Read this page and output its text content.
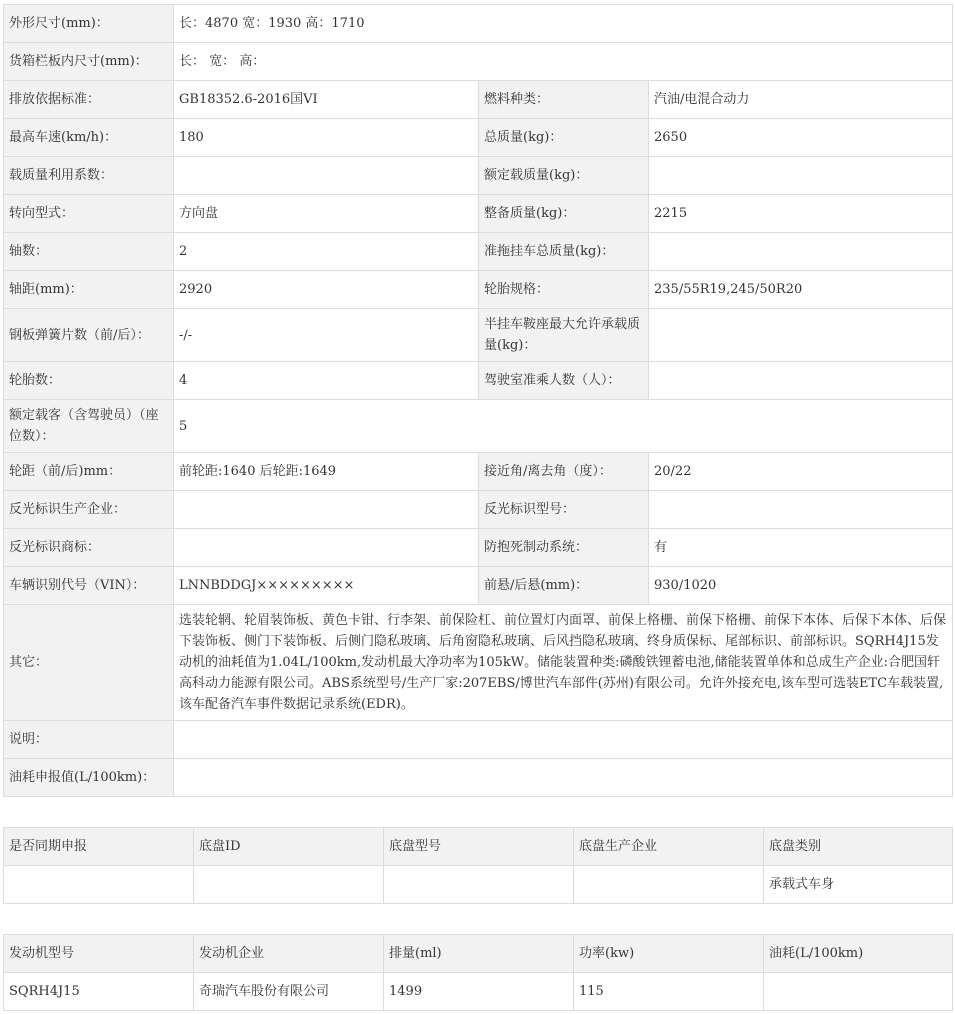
外形尺寸(mm)：	长：4870 宽：1930 高：1710		
货箱栏板内尺寸(mm)：	长： 宽： 高：		
排放依据标准：	GB18352.6-2016国VI	燃料种类：	汽油/电混合动力
最高车速(km/h)：	180	总质量(kg)：	2650
载质量利用系数：		额定载质量(kg)：	
转向型式：	方向盘	整备质量(kg)：	2215
轴数：	2	准拖挂车总质量(kg)：	
轴距(mm)：	2920	轮胎规格：	235/55R19,245/50R20
钢板弹簧片数（前/后）：	-/-	半挂车鞍座最大允许承载质量(kg)：	
轮胎数：	4	驾驶室准乘人数（人）：	
额定载客（含驾驶员）（座位数）：	5		
轮距（前/后)mm：	前轮距:1640 后轮距:1649	接近角/离去角（度）：	20/22
反光标识生产企业：		反光标识型号：	
反光标识商标：		防抱死制动系统：	有
车辆识别代号（VIN）：	LNNBDDGJ×××××××××	前悬/后悬(mm)：	930/1020
其它：	选装轮辋、轮眉装饰板、黄色卡钳、行李架、前保险杠、前位置灯内面罩、前保上格栅、前保下格栅、前保下本体、后保下本体、后保下装饰板、侧门下装饰板、后侧门隐私玻璃、后角窗隐私玻璃、后风挡隐私玻璃、终身质保标、尾部标识、前部标识。SQRH4J15发动机的油耗值为1.04L/100km,发动机最大净功率为105kW。储能装置种类:磷酸铁锂蓄电池,储能装置单体和总成生产企业:合肥国轩高科动力能源有限公司。ABS系统型号/生产厂家:207EBS/博世汽车部件(苏州)有限公司。允许外接充电,该车型可选装ETC车载装置,该车配备汽车事件数据记录系统(EDR)。		
说明：			
油耗申报值(L/100km)：			
是否同期申报	底盘ID	底盘型号	底盘生产企业	底盘类别
				承载式车身
发动机型号	发动机企业	排量(ml)	功率(kw)	油耗(L/100km)
SQRH4J15	奇瑞汽车股份有限公司	1499	115	
